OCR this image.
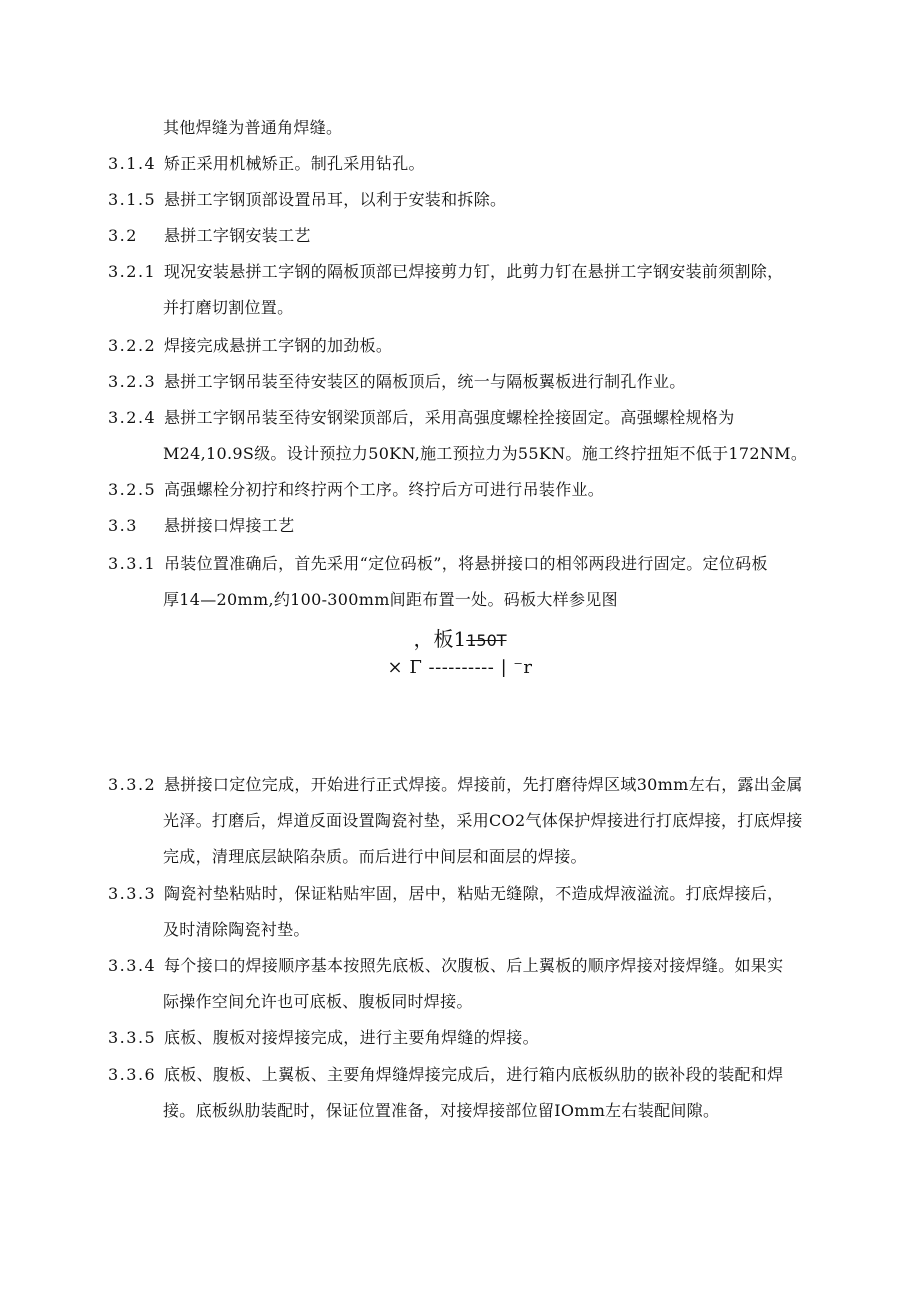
其他焊缝为普通角焊缝。
3.1.4 矫正采用机械矫正。制孔采用钻孔。
3.1.5 悬拼工字钢顶部设置吊耳，以利于安装和拆除。
3.2 悬拼工字钢安装工艺
3.2.1 现况安装悬拼工字钢的隔板顶部已焊接剪力钉，此剪力钉在悬拼工字钢安装前须割除，
并打磨切割位置。
3.2.2 焊接完成悬拼工字钢的加劲板。
3.2.3 悬拼工字钢吊装至待安装区的隔板顶后，统一与隔板翼板进行制孔作业。
3.2.4 悬拼工字钢吊装至待安钢梁顶部后，采用高强度螺栓拴接固定。高强螺栓规格为
M24,10.9S级。设计预拉力50KN,施工预拉力为55KN。施工终拧扭矩不低于172NM。
3.2.5 高强螺栓分初拧和终拧两个工序。终拧后方可进行吊装作业。
3.3 悬拼接口焊接工艺
3.3.1 吊装位置准确后，首先采用“定位码板”，将悬拼接口的相邻两段进行固定。定位码板
厚14—20mm,约100-300mm间距布置一处。码板大样参见图
，板1150T
× Γ ---------- | ⁻r
3.3.2 悬拼接口定位完成，开始进行正式焊接。焊接前，先打磨待焊区域30mm左右，露出金属
光泽。打磨后，焊道反面设置陶瓷衬垫，采用CO2气体保护焊接进行打底焊接，打底焊接
完成，清理底层缺陷杂质。而后进行中间层和面层的焊接。
3.3.3 陶瓷衬垫粘贴时，保证粘贴牢固，居中，粘贴无缝隙，不造成焊液溢流。打底焊接后，
及时清除陶瓷衬垫。
3.3.4 每个接口的焊接顺序基本按照先底板、次腹板、后上翼板的顺序焊接对接焊缝。如果实
际操作空间允许也可底板、腹板同时焊接。
3.3.5 底板、腹板对接焊接完成，进行主要角焊缝的焊接。
3.3.6 底板、腹板、上翼板、主要角焊缝焊接完成后，进行箱内底板纵肋的嵌补段的装配和焊
接。底板纵肋装配时，保证位置准备，对接焊接部位留IOmm左右装配间隙。
